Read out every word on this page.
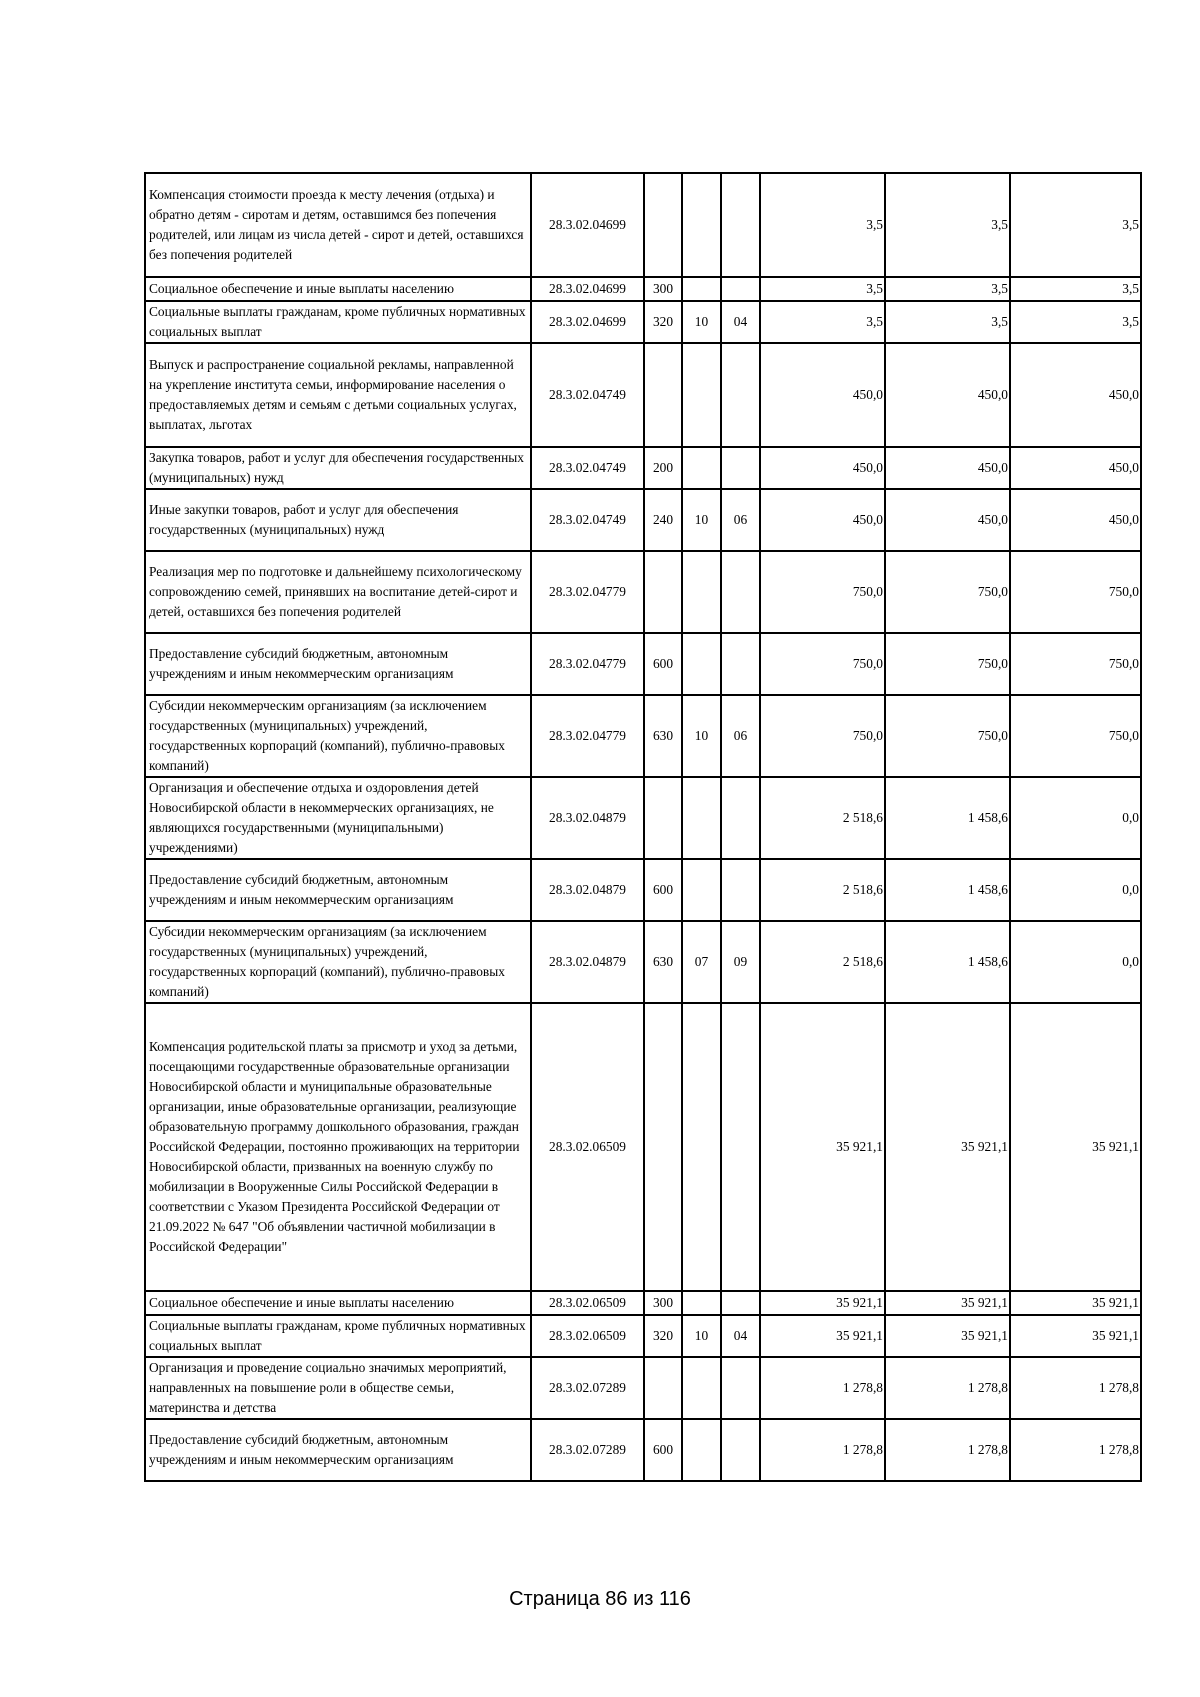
Компенсация стоимости проезда к месту лечения (отдыха) и обратно детям - сиротам и детям, оставшимся без попечения родителей, или лицам из числа детей - сирот и детей, оставшихся без попечения родителей	28.3.02.04699				3,5	3,5	3,5
Социальное обеспечение и иные выплаты населению	28.3.02.04699	300			3,5	3,5	3,5
Социальные выплаты гражданам, кроме публичных нормативных социальных выплат	28.3.02.04699	320	10	04	3,5	3,5	3,5
Выпуск и распространение социальной рекламы, направленной на укрепление института семьи, информирование населения о предоставляемых детям и семьям с детьми социальных услугах, выплатах, льготах	28.3.02.04749				450,0	450,0	450,0
Закупка товаров, работ и услуг для обеспечения государственных (муниципальных) нужд	28.3.02.04749	200			450,0	450,0	450,0
Иные закупки товаров, работ и услуг для обеспечения государственных (муниципальных) нужд	28.3.02.04749	240	10	06	450,0	450,0	450,0
Реализация мер по подготовке и дальнейшему психологическому сопровождению семей, принявших на воспитание детей-сирот и детей, оставшихся без попечения родителей	28.3.02.04779				750,0	750,0	750,0
Предоставление субсидий бюджетным, автономным учреждениям и иным некоммерческим организациям	28.3.02.04779	600			750,0	750,0	750,0
Субсидии некоммерческим организациям (за исключением государственных (муниципальных) учреждений, государственных корпораций (компаний), публично-правовых компаний)	28.3.02.04779	630	10	06	750,0	750,0	750,0
Организация и обеспечение отдыха и оздоровления детей Новосибирской области в некоммерческих организациях, не являющихся государственными (муниципальными) учреждениями)	28.3.02.04879				2 518,6	1 458,6	0,0
Предоставление субсидий бюджетным, автономным учреждениям и иным некоммерческим организациям	28.3.02.04879	600			2 518,6	1 458,6	0,0
Субсидии некоммерческим организациям (за исключением государственных (муниципальных) учреждений, государственных корпораций (компаний), публично-правовых компаний)	28.3.02.04879	630	07	09	2 518,6	1 458,6	0,0
Компенсация родительской платы за присмотр и уход за детьми, посещающими государственные образовательные организации Новосибирской области и муниципальные образовательные организации, иные образовательные организации, реализующие образовательную программу дошкольного образования, граждан Российской Федерации, постоянно проживающих на территории Новосибирской области, призванных на военную службу по мобилизации в Вооруженные Силы Российской Федерации в соответствии с Указом Президента Российской Федерации от 21.09.2022 № 647 "Об объявлении частичной мобилизации в Российской Федерации"	28.3.02.06509				35 921,1	35 921,1	35 921,1
Социальное обеспечение и иные выплаты населению	28.3.02.06509	300			35 921,1	35 921,1	35 921,1
Социальные выплаты гражданам, кроме публичных нормативных социальных выплат	28.3.02.06509	320	10	04	35 921,1	35 921,1	35 921,1
Организация и проведение социально значимых мероприятий, направленных на повышение роли в обществе семьи, материнства и детства	28.3.02.07289				1 278,8	1 278,8	1 278,8
Предоставление субсидий бюджетным, автономным учреждениям и иным некоммерческим организациям	28.3.02.07289	600			1 278,8	1 278,8	1 278,8
Страница 86 из 116
